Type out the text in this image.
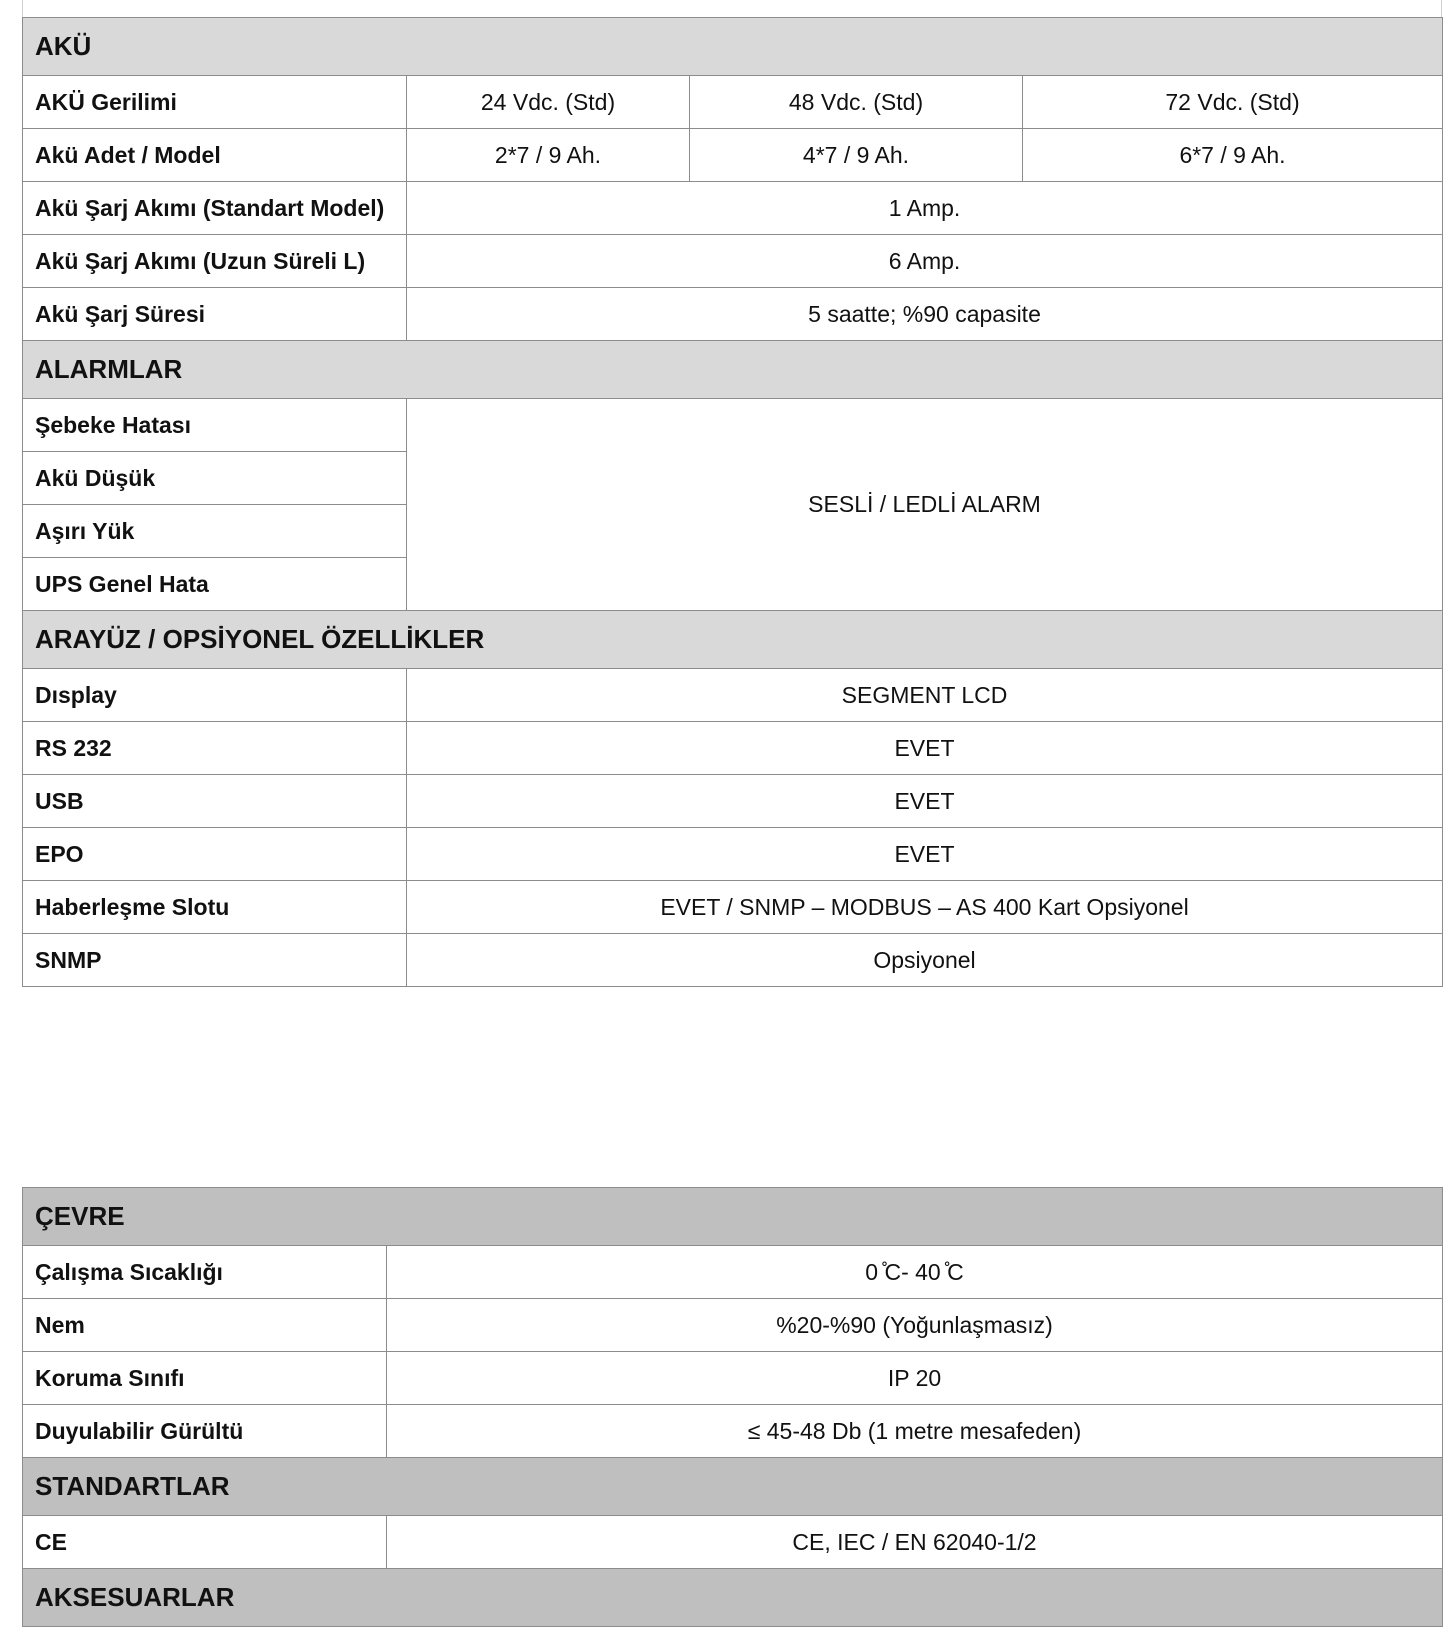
AKÜ			
AKÜ Gerilimi	24 Vdc. (Std)	48 Vdc. (Std)	72 Vdc. (Std)
Akü Adet / Model	2*7 / 9 Ah.	4*7 / 9 Ah.	6*7 / 9 Ah.
Akü Şarj Akımı (Standart Model)	1 Amp.		
Akü Şarj Akımı (Uzun Süreli L)	6 Amp.		
Akü Şarj Süresi	5 saatte; %90 capasite		
ALARMLAR			
Şebeke Hatası	SESLİ / LEDLİ ALARM		
Akü Düşük			
Aşırı Yük			
UPS Genel Hata			
ARAYÜZ / OPSİYONEL ÖZELLİKLER			
Dısplay	SEGMENT LCD		
RS 232	EVET		
USB	EVET		
EPO	EVET		
Haberleşme Slotu	EVET / SNMP – MODBUS – AS 400 Kart Opsiyonel		
SNMP	Opsiyonel		
ÇEVRE	
Çalışma Sıcaklığı	0 ̊C- 40 ̊C
Nem	%20-%90 (Yoğunlaşmasız)
Koruma Sınıfı	IP 20
Duyulabilir Gürültü	≤ 45-48 Db (1 metre mesafeden)
STANDARTLAR	
CE	CE, IEC / EN 62040-1/2
AKSESUARLAR	
